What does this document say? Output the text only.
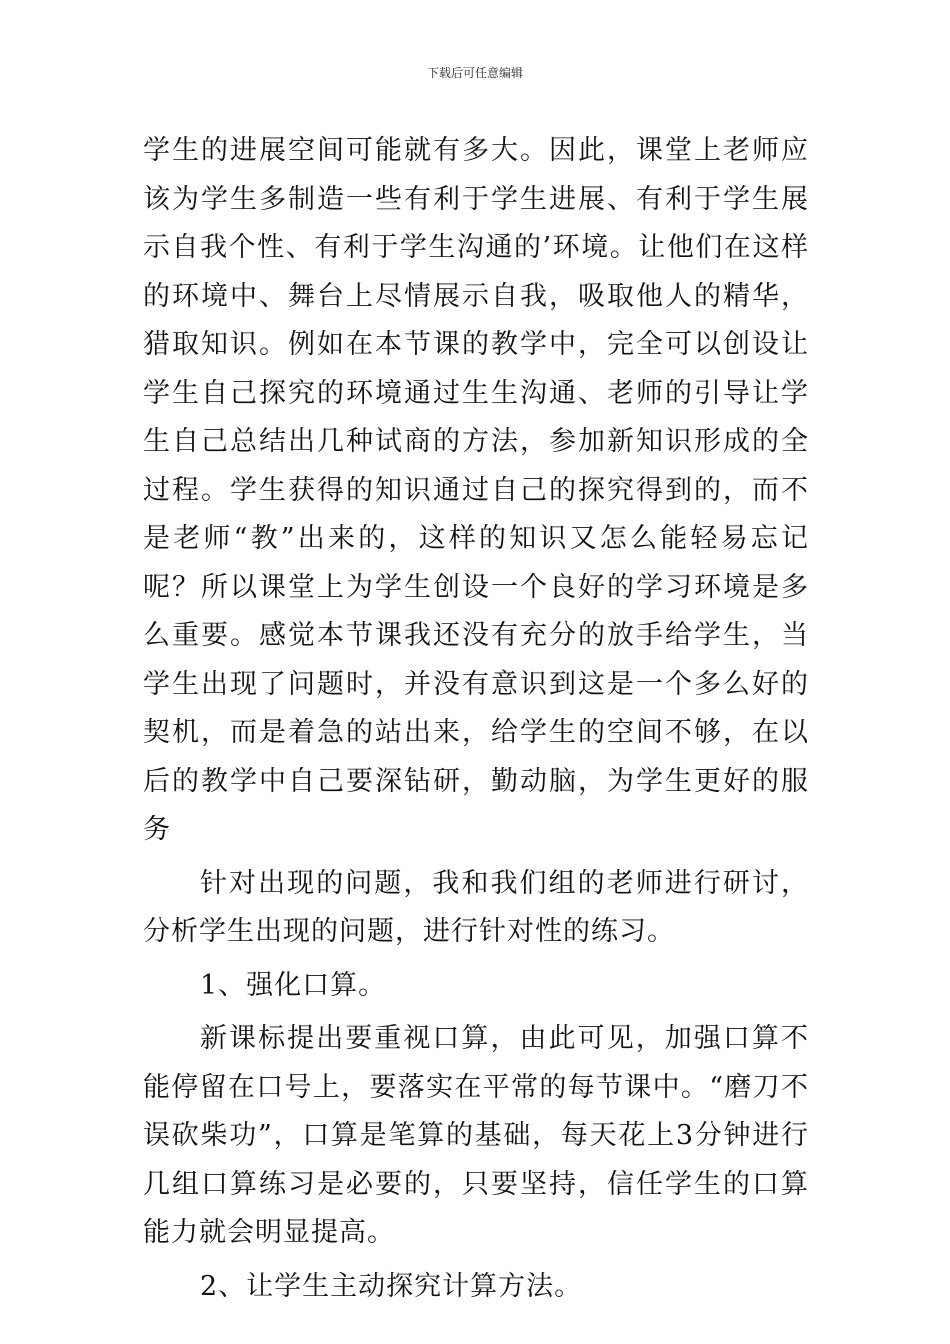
下载后可任意编辑

学生的进展空间可能就有多大。因此，课堂上老师应该为学生多制造一些有利于学生进展、有利于学生展示自我个性、有利于学生沟通的’环境。让他们在这样的环境中、舞台上尽情展示自我，吸取他人的精华，猎取知识。例如在本节课的教学中，完全可以创设让学生自己探究的环境通过生生沟通、老师的引导让学生自己总结出几种试商的方法，参加新知识形成的全过程。学生获得的知识通过自己的探究得到的，而不是老师“教”出来的，这样的知识又怎么能轻易忘记呢？所以课堂上为学生创设一个良好的学习环境是多么重要。感觉本节课我还没有充分的放手给学生，当学生出现了问题时，并没有意识到这是一个多么好的契机，而是着急的站出来，给学生的空间不够，在以后的教学中自己要深钻研，勤动脑，为学生更好的服务

针对出现的问题，我和我们组的老师进行研讨，分析学生出现的问题，进行针对性的练习。

1、强化口算。

新课标提出要重视口算，由此可见，加强口算不能停留在口号上，要落实在平常的每节课中。“磨刀不误砍柴功”，口算是笔算的基础，每天花上3分钟进行几组口算练习是必要的，只要坚持，信任学生的口算能力就会明显提高。

2、让学生主动探究计算方法。
